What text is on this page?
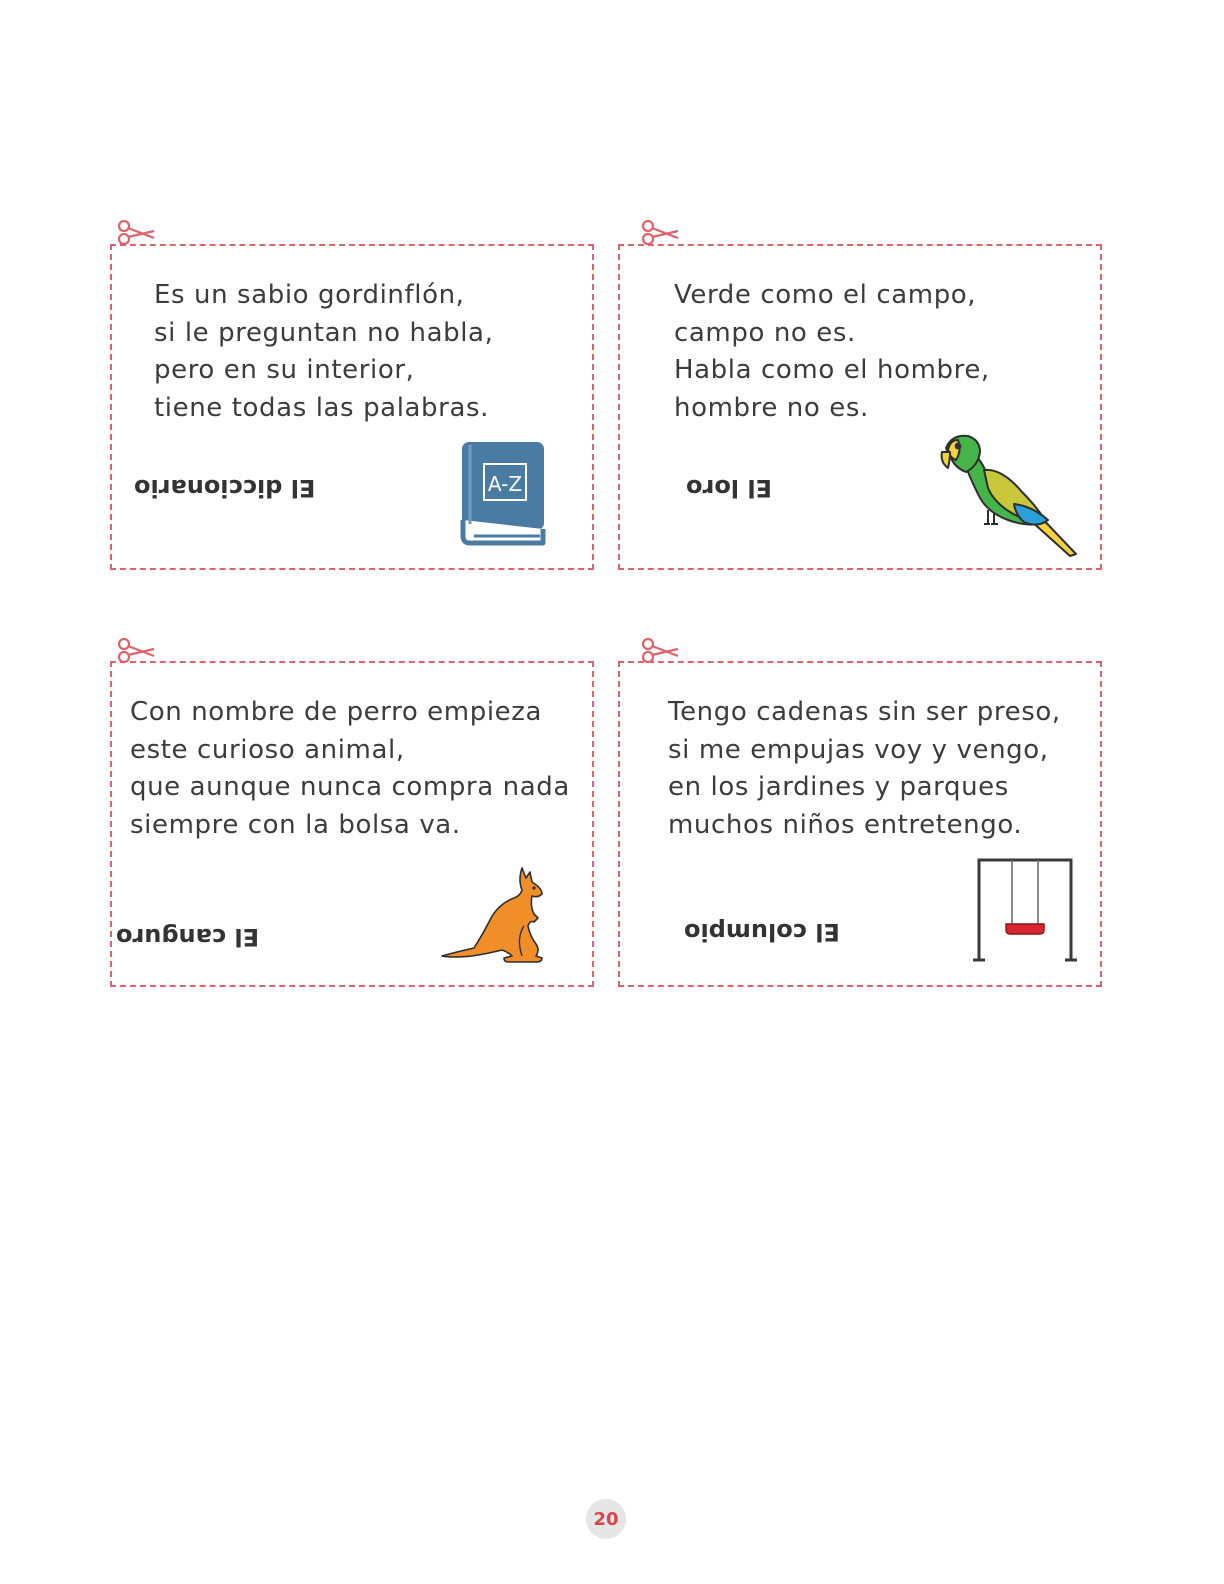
Es un sabio gordinflón,
si le preguntan no habla,
pero en su interior,
tiene todas las palabras.

El diccionario	A-Z

Verde como el campo,
campo no es.
Habla como el hombre,
hombre no es.

El loro

Con nombre de perro empieza
este curioso animal,
que aunque nunca compra nada
siempre con la bolsa va.

El canguro

Tengo cadenas sin ser preso,
si me empujas voy y vengo,
en los jardines y parques
muchos niños entretengo.

El columpio
20
